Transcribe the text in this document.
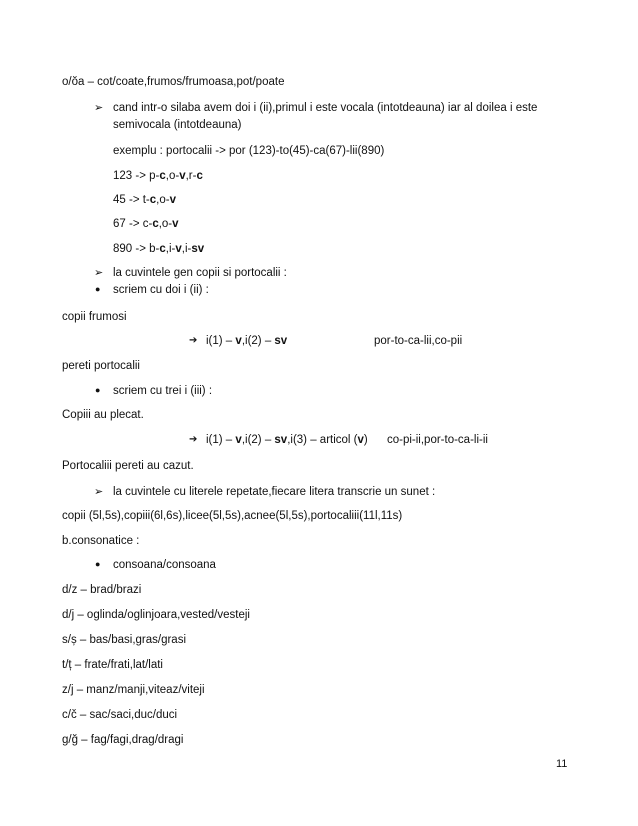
o/ŏa – cot/coate,frumos/frumoasa,pot/poate
➢ cand intr-o silaba avem doi i (ii),primul i este vocala (intotdeauna) iar al doilea i este
semivocala (intotdeauna)
exemplu : portocalii -> por (123)-to(45)-ca(67)-lii(890)
123 -> p-c,o-v,r-c
45 -> t-c,o-v
67 -> c-c,o-v
890 -> b-c,i-v,i-sv
➢ la cuvintele gen copii si portocalii :
● scriem cu doi i (ii) :
copii frumosi
➔ i(1) – v,i(2) – sv	por-to-ca-lii,co-pii
pereti portocalii
● scriem cu trei i (iii) :
Copiii au plecat.
➔ i(1) – v,i(2) – sv,i(3) – articol (v) co-pi-ii,por-to-ca-li-ii
Portocaliii pereti au cazut.
➢ la cuvintele cu literele repetate,fiecare litera transcrie un sunet :
copii (5l,5s),copiii(6l,6s),licee(5l,5s),acnee(5l,5s),portocaliii(11l,11s)
b.consonatice :
● consoana/consoana
d/z – brad/brazi
d/j – oglinda/oglinjoara,vested/vesteji
s/ș – bas/basi,gras/grasi
t/ț – frate/frati,lat/lati
z/j – manz/manji,viteaz/viteji
c/č – sac/saci,duc/duci
g/ğ – fag/fagi,drag/dragi
11
